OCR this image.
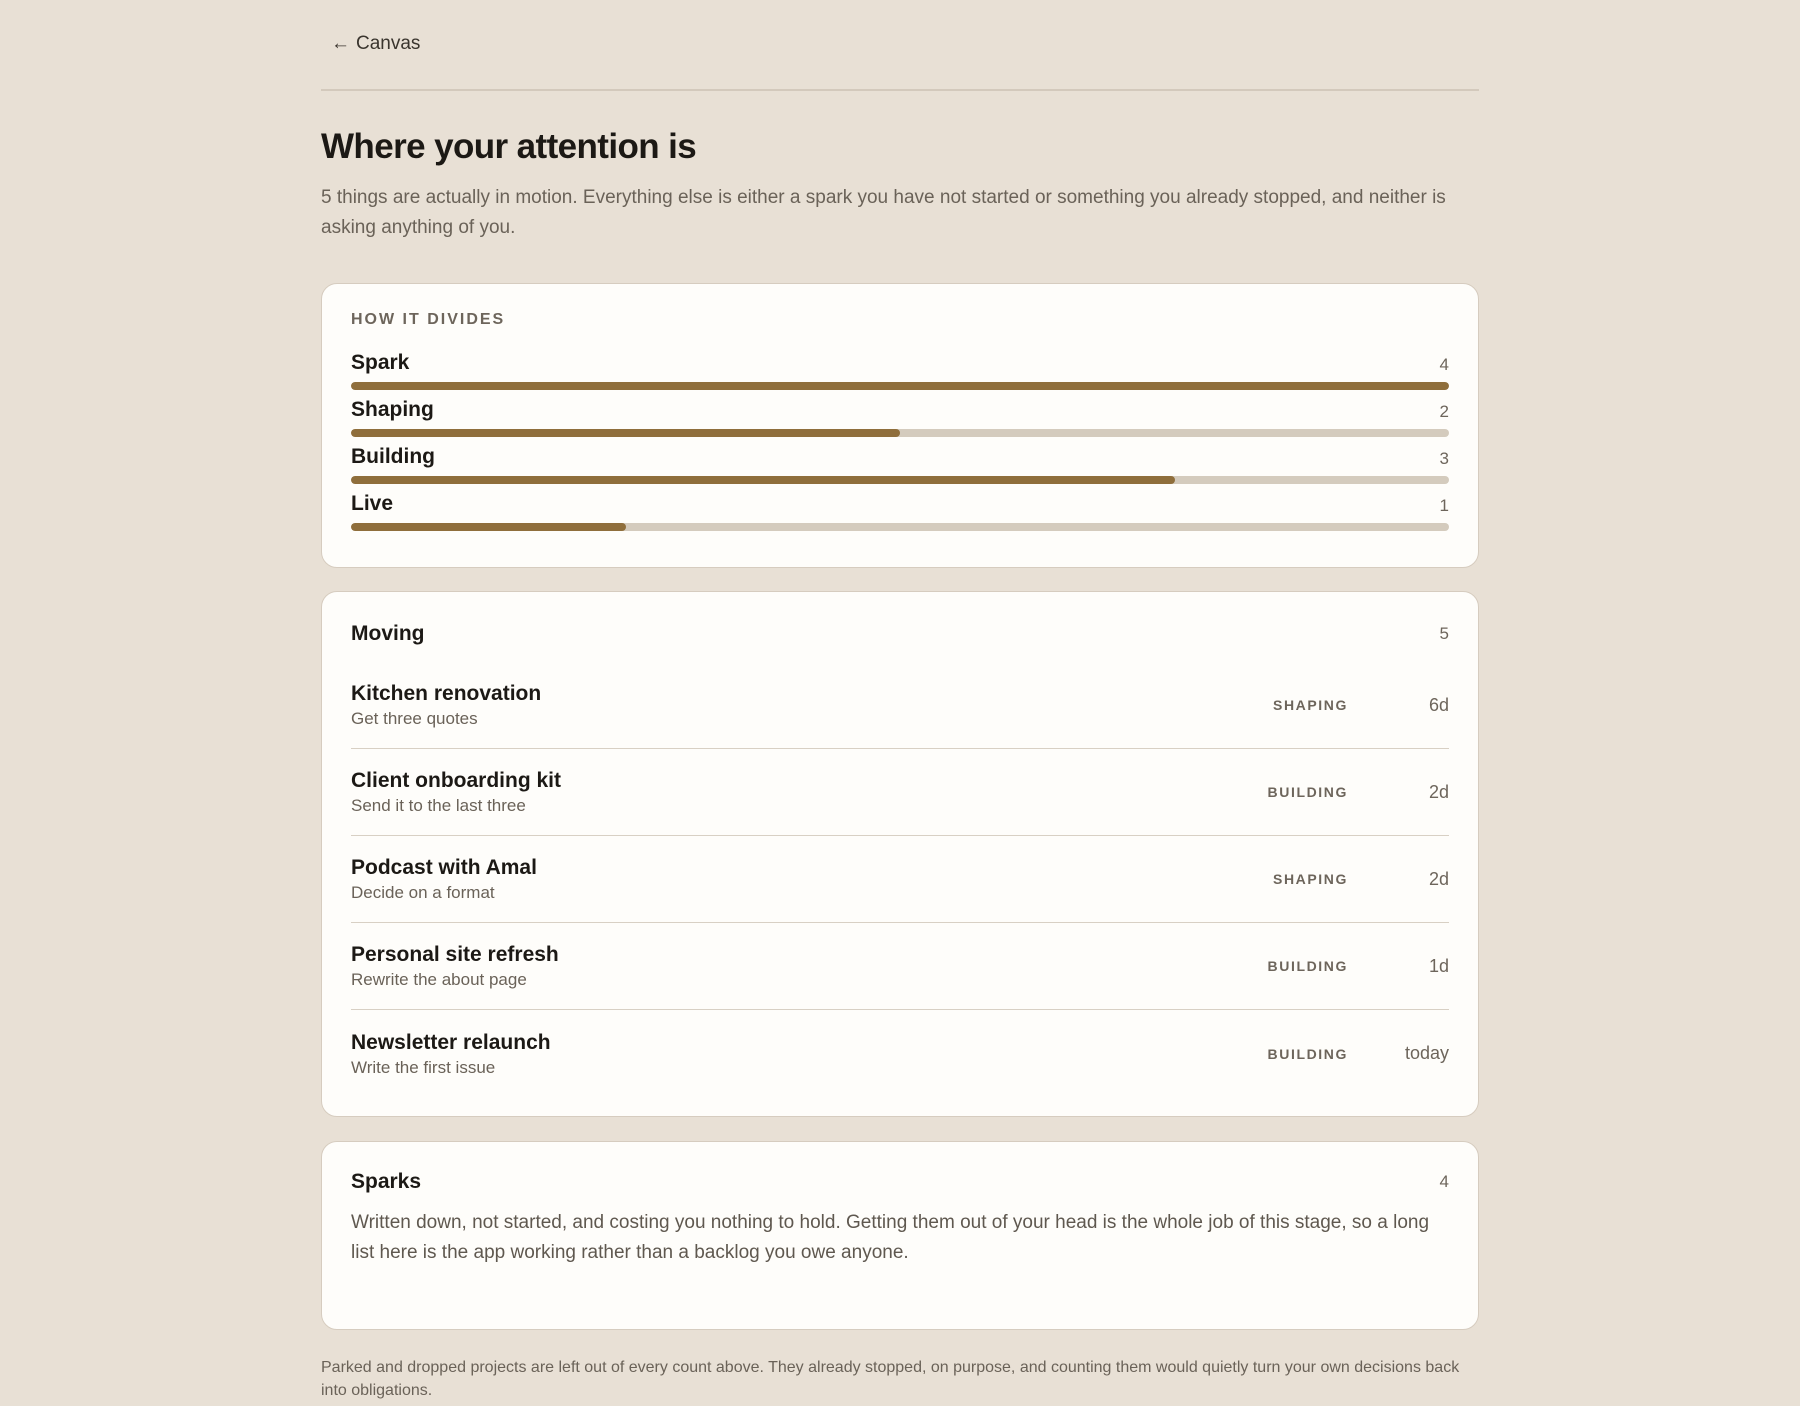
← Canvas
Where your attention is

5 things are actually in motion. Everything else is either a spark you have not started or something you already stopped, and neither is asking anything of you.

HOW IT DIVIDES
Spark	4
Shaping	2
Building	3
Live	1
Moving	5
Kitchen renovation
Get three quotes
SHAPING	6d
Client onboarding kit
Send it to the last three
BUILDING	2d
Podcast with Amal
Decide on a format
SHAPING	2d
Personal site refresh
Rewrite the about page
BUILDING	1d
Newsletter relaunch
Write the first issue
BUILDING	today
Sparks	4

Written down, not started, and costing you nothing to hold. Getting them out of your head is the whole job of this stage, so a long list here is the app working rather than a backlog you owe anyone.

Parked and dropped projects are left out of every count above. They already stopped, on purpose, and counting them would quietly turn your own decisions back into obligations.
